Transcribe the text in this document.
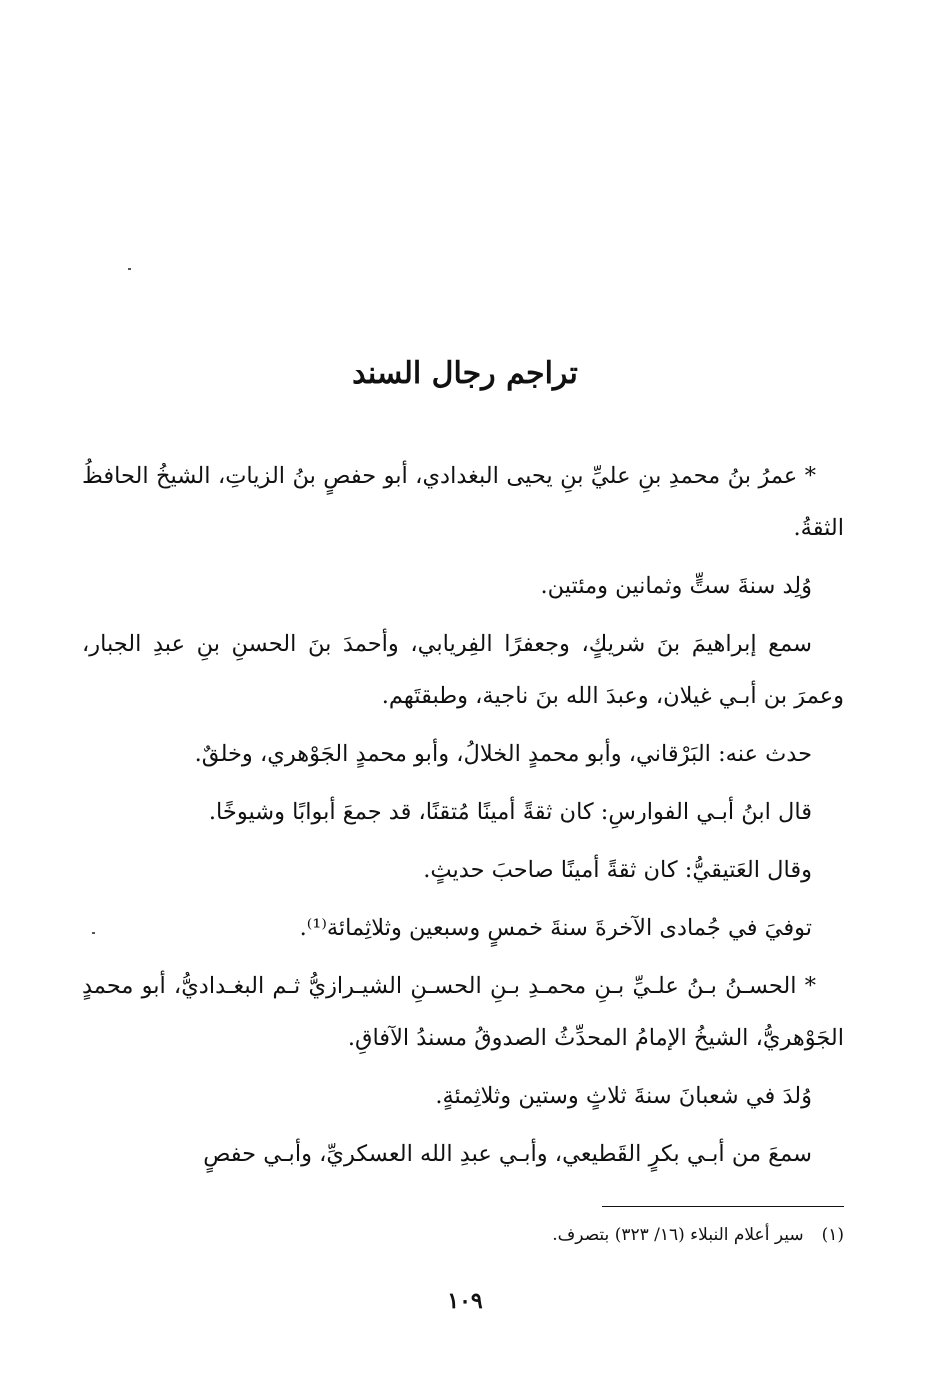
تراجم رجال السند

* عمرُ بنُ محمدِ بنِ عليِّ بنِ يحيى البغدادي، أبو حفصٍ بنُ الزياتِ، الشيخُ الحافظُ الثقةُ.

وُلِد سنةَ ستٍّ وثمانين ومئتين.

سمع إبراهيمَ بنَ شريكٍ، وجعفرًا الفِريابي، وأحمدَ بنَ الحسنِ بنِ عبدِ الجبار، وعمرَ بن أبـي غيلان، وعبدَ الله بنَ ناجية، وطبقتَهم.

حدث عنه: البَرْقاني، وأبو محمدٍ الخلالُ، وأبو محمدٍ الجَوْهري، وخلقٌ.

قال ابنُ أبـي الفوارسِ: كان ثقةً أمينًا مُتقنًا، قد جمعَ أبوابًا وشيوخًا.

وقال العَتيقيُّ: كان ثقةً أمينًا صاحبَ حديثٍ.

توفيَ في جُمادى الآخرةَ سنةَ خمسٍ وسبعين وثلاثِمائة⁽¹⁾.

* الحسـنُ بـنُ علـيِّ بـنِ محمـدِ بـنِ الحسـنِ الشيـرازيُّ ثـم البغـداديُّ، أبو محمدٍ الجَوْهريُّ، الشيخُ الإمامُ المحدِّثُ الصدوقُ مسندُ الآفاقِ.

وُلدَ في شعبانَ سنةَ ثلاثٍ وستين وثلاثِمئةٍ.

سمعَ من أبـي بكرٍ القَطيعي، وأبـي عبدِ الله العسكريِّ، وأبـي حفصٍ

(١)سير أعلام النبلاء (١٦/ ٣٢٣) بتصرف.
١٠٩
